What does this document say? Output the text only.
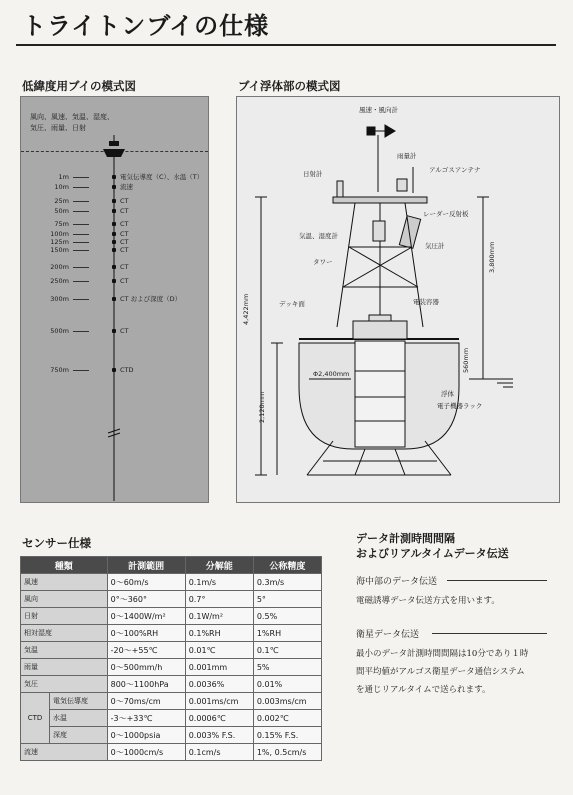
トライトンブイの仕様
低緯度用ブイの模式図
風向、風速、気温、湿度、
気圧、雨量、日射
1m	電気伝導度（C）、水温（T）
10m	流速
25m	CT
50m	CT
75m	CT
100m	CT
125m	CT
150m	CT
200m	CT
250m	CT
300m	CT および深度（D）
500m	CT
750m	CTD
ブイ浮体部の模式図
風速・風向計
雨量計
アルゴスアンテナ
日射計
レーダー反射板
気温、湿度計
気圧計
タワー
デッキ面	電装容器
Φ2,400mm
浮体
電子機器ラック
4,422mm
2,120mm
3,800mm
560mm
センサー仕様
種類		計測範囲	分解能	公称精度
風速		0〜60m/s	0.1m/s	0.3m/s
風向		0°〜360°	0.7°	5°
日射		0〜1400W/m²	0.1W/m²	0.5%
相対湿度		0〜100%RH	0.1%RH	1%RH
気温		-20〜+55℃	0.01℃	0.1℃
雨量		0〜500mm/h	0.001mm	5%
気圧		800〜1100hPa	0.0036%	0.01%
CTD	電気伝導度	0〜70ms/cm	0.001ms/cm	0.003ms/cm
	水温	-3〜+33℃	0.0006℃	0.002℃
	深度	0〜1000psia	0.003% F.S.	0.15% F.S.
流速		0〜1000cm/s	0.1cm/s	1%, 0.5cm/s
データ計測時間間隔
およびリアルタイムデータ伝送
海中部のデータ伝送
電磁誘導データ伝送方式を用います。
衛星データ伝送
最小のデータ計測時間間隔は10分であり１時
間平均値がアルゴス衛星データ通信システム
を通じリアルタイムで送られます。
